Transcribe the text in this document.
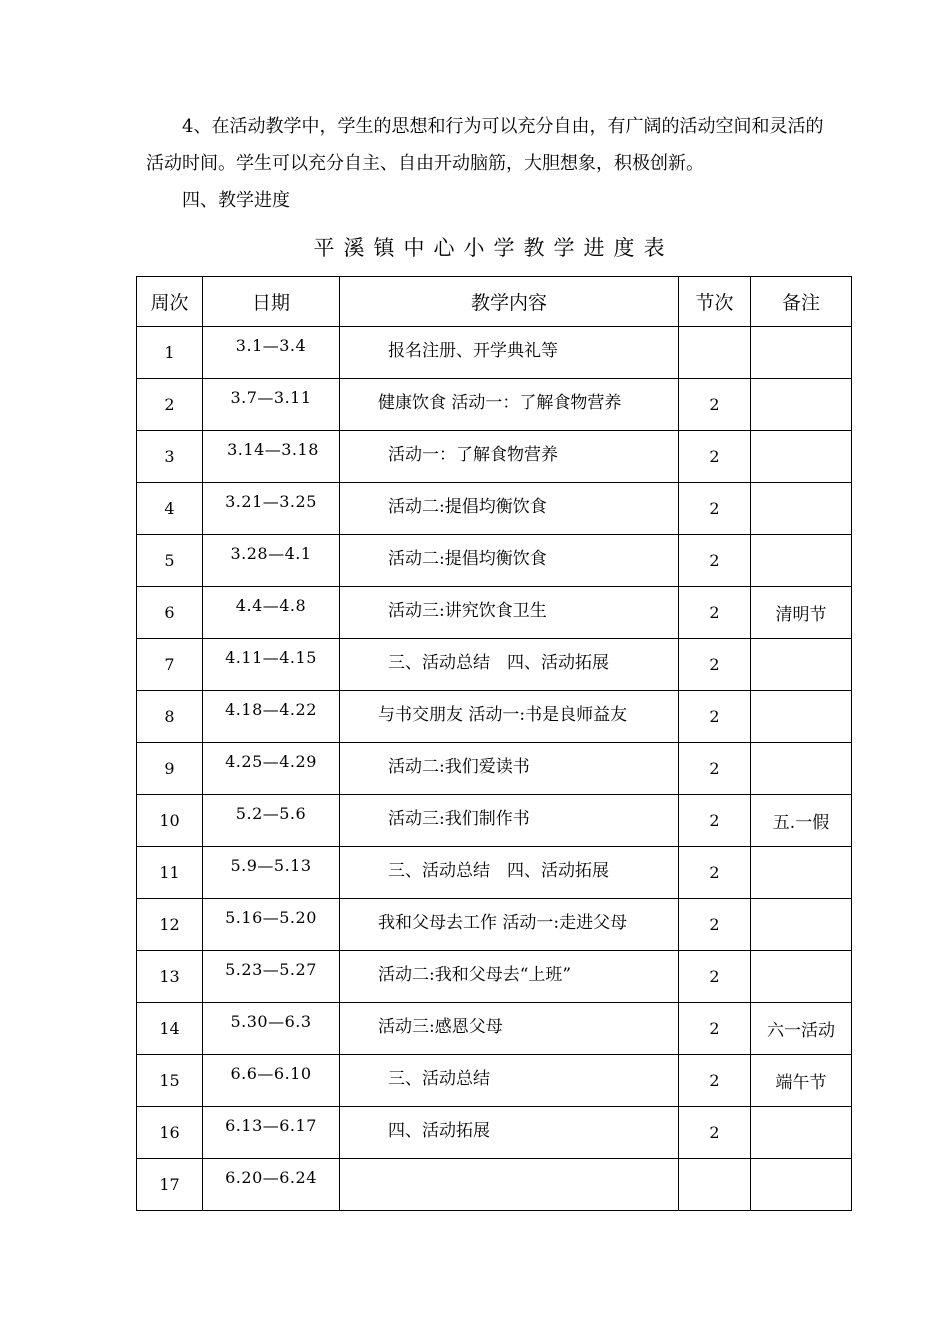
4、在活动教学中，学生的思想和行为可以充分自由，有广阔的活动空间和灵活的活动时间。学生可以充分自主、自由开动脑筋，大胆想象，积极创新。

四、教学进度

平溪镇中心小学教学进度表

周次	日期	教学内容	节次	备注
1	3.1—3.4	报名注册、开学典礼等		
2	3.7—3.11	健康饮食 活动一：了解食物营养	2	
3	3.14—3.18	活动一：了解食物营养	2	
4	3.21—3.25	活动二:提倡均衡饮食	2	
5	3.28—4.1	活动二:提倡均衡饮食	2	
6	4.4—4.8	活动三:讲究饮食卫生	2	清明节
7	4.11—4.15	三、活动总结　四、活动拓展	2	
8	4.18—4.22	与书交朋友 活动一:书是良师益友	2	
9	4.25—4.29	活动二:我们爱读书	2	
10	5.2—5.6	活动三:我们制作书	2	五.一假
11	5.9—5.13	三、活动总结　四、活动拓展	2	
12	5.16—5.20	我和父母去工作 活动一:走进父母	2	
13	5.23—5.27	活动二:我和父母去“上班”	2	
14	5.30—6.3	活动三:感恩父母	2	六一活动
15	6.6—6.10	三、活动总结	2	端午节
16	6.13—6.17	四、活动拓展	2	
17	6.20—6.24			
